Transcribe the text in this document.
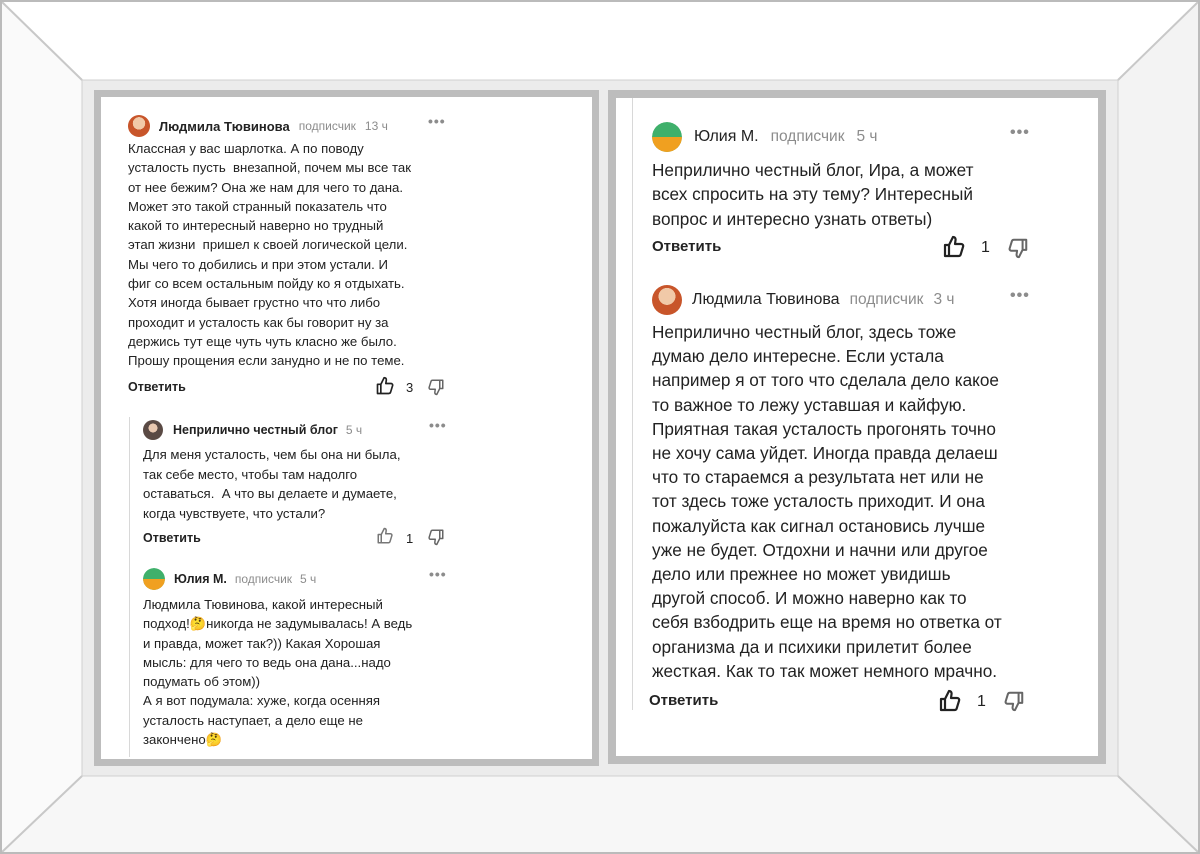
Людмила Тювинова подписчик 13 ч	•••
Классная у вас шарлотка. А по поводу
усталость пусть  внезапной, почем мы все так
от нее бежим? Она же нам для чего то дана.
Может это такой странный показатель что
какой то интересный наверно но трудный
этап жизни  пришел к своей логической цели.
Мы чего то добились и при этом устали. И
фиг со всем остальным пойду ко я отдыхать.
Хотя иногда бывает грустно что что либо
проходит и усталость как бы говорит ну за
держись тут еще чуть чуть класно же было.
Прошу прощения если занудно и не по теме.
Ответить	3
Неприлично честный блог 5 ч	•••
Для меня усталость, чем бы она ни была,
так себе место, чтобы там надолго
оставаться.  А что вы делаете и думаете,
когда чувствуете, что устали?
Ответить	1
Юлия М. подписчик 5 ч	•••
Людмила Тювинова, какой интересный
подход!🤔никогда не задумывалась! А ведь
и правда, может так?)) Какая Хорошая
мысль: для чего то ведь она дана...надо
подумать об этом))
А я вот подумала: хуже, когда осенняя
усталость наступает, а дело еще не
закончено🤔
Юлия М. подписчик 5 ч	•••
Неприлично честный блог, Ира, а может
всех спросить на эту тему? Интересный
вопрос и интересно узнать ответы)
Ответить	1
Людмила Тювинова подписчик 3 ч	•••
Неприлично честный блог, здесь тоже
думаю дело интересне. Если устала
например я от того что сделала дело какое
то важное то лежу уставшая и кайфую.
Приятная такая усталость прогонять точно
не хочу сама уйдет. Иногда правда делаеш
что то стараемся а результата нет или не
тот здесь тоже усталость приходит. И она
пожалуйста как сигнал остановись лучше
уже не будет. Отдохни и начни или другое
дело или прежнее но может увидишь
другой способ. И можно наверно как то
себя взбодрить еще на время но ответка от
организма да и психики прилетит более
жесткая. Как то так может немного мрачно.
Ответить	1
